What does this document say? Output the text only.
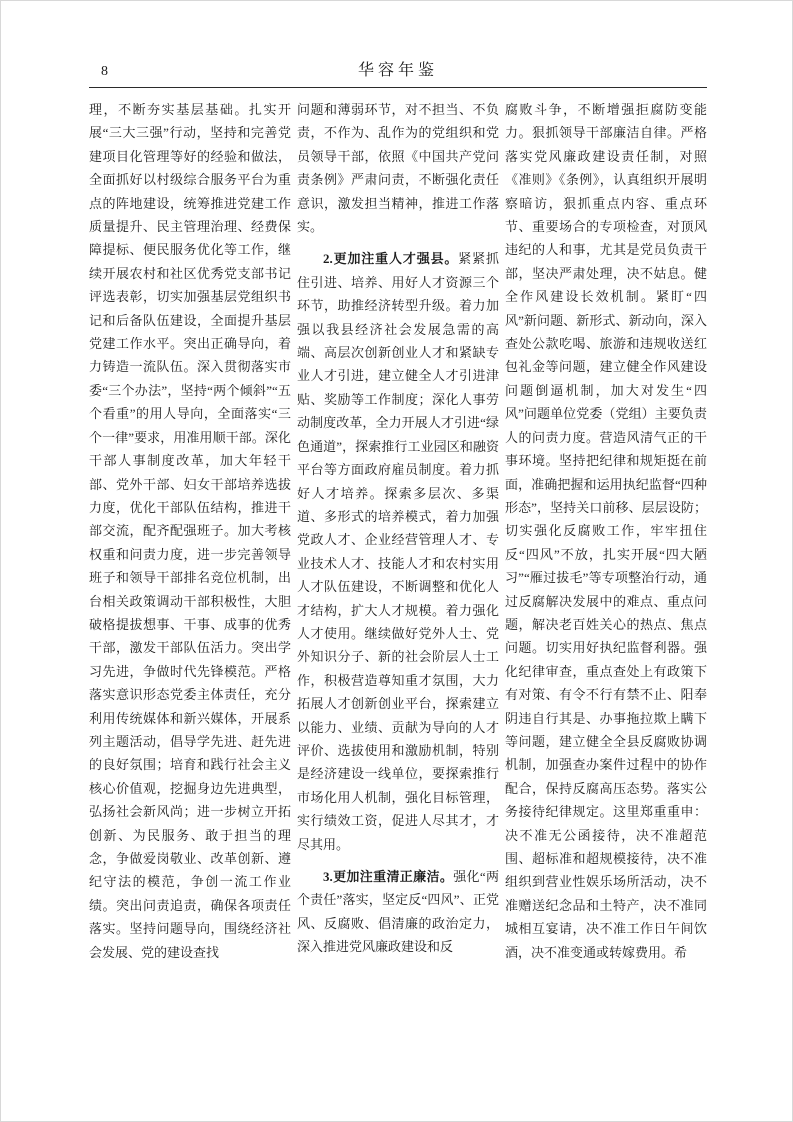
8	华容年鉴

理，不断夯实基层基础。扎实开展“三大三强”行动，坚持和完善党建项目化管理等好的经验和做法，全面抓好以村级综合服务平台为重点的阵地建设，统筹推进党建工作质量提升、民主管理治理、经费保障提标、便民服务优化等工作，继续开展农村和社区优秀党支部书记评选表彰，切实加强基层党组织书记和后备队伍建设，全面提升基层党建工作水平。突出正确导向，着力铸造一流队伍。深入贯彻落实市委“三个办法”，坚持“两个倾斜”“五个看重”的用人导向，全面落实“三个一律”要求，用准用顺干部。深化干部人事制度改革，加大年轻干部、党外干部、妇女干部培养选拔力度，优化干部队伍结构，推进干部交流，配齐配强班子。加大考核权重和问责力度，进一步完善领导班子和领导干部排名竞位机制，出台相关政策调动干部积极性，大胆破格提拔想事、干事、成事的优秀干部，激发干部队伍活力。突出学习先进，争做时代先锋模范。严格落实意识形态党委主体责任，充分利用传统媒体和新兴媒体，开展系列主题活动，倡导学先进、赶先进的良好氛围；培育和践行社会主义核心价值观，挖掘身边先进典型，弘扬社会新风尚；进一步树立开拓创新、为民服务、敢于担当的理念，争做爱岗敬业、改革创新、遵纪守法的模范，争创一流工作业绩。突出问责追责，确保各项责任落实。坚持问题导向，围绕经济社会发展、党的建设查找

问题和薄弱环节，对不担当、不负责，不作为、乱作为的党组织和党员领导干部，依照《中国共产党问责条例》严肃问责，不断强化责任意识，激发担当精神，推进工作落实。

2.更加注重人才强县。紧紧抓住引进、培养、用好人才资源三个环节，助推经济转型升级。着力加强以我县经济社会发展急需的高端、高层次创新创业人才和紧缺专业人才引进，建立健全人才引进津贴、奖励等工作制度；深化人事劳动制度改革，全力开展人才引进“绿色通道”，探索推行工业园区和融资平台等方面政府雇员制度。着力抓好人才培养。探索多层次、多渠道、多形式的培养模式，着力加强党政人才、企业经营管理人才、专业技术人才、技能人才和农村实用人才队伍建设，不断调整和优化人才结构，扩大人才规模。着力强化人才使用。继续做好党外人士、党外知识分子、新的社会阶层人士工作，积极营造尊知重才氛围，大力拓展人才创新创业平台，探索建立以能力、业绩、贡献为导向的人才评价、选拔使用和激励机制，特别是经济建设一线单位，要探索推行市场化用人机制，强化目标管理，实行绩效工资，促进人尽其才，才尽其用。

3.更加注重清正廉洁。强化“两个责任”落实，坚定反“四风”、正党风、反腐败、倡清廉的政治定力，深入推进党风廉政建设和反

腐败斗争，不断增强拒腐防变能力。狠抓领导干部廉洁自律。严格落实党风廉政建设责任制，对照《准则》《条例》，认真组织开展明察暗访，狠抓重点内容、重点环节、重要场合的专项检查，对顶风违纪的人和事，尤其是党员负责干部，坚决严肃处理，决不姑息。健全作风建设长效机制。紧盯“四风”新问题、新形式、新动向，深入查处公款吃喝、旅游和违规收送红包礼金等问题，建立健全作风建设问题倒逼机制，加大对发生“四风”问题单位党委（党组）主要负责人的问责力度。营造风清气正的干事环境。坚持把纪律和规矩挺在前面，准确把握和运用执纪监督“四种形态”，坚持关口前移、层层设防；切实强化反腐败工作，牢牢扭住反“四风”不放，扎实开展“四大陋习”“雁过拔毛”等专项整治行动，通过反腐解决发展中的难点、重点问题，解决老百姓关心的热点、焦点问题。切实用好执纪监督利器。强化纪律审查，重点查处上有政策下有对策、有令不行有禁不止、阳奉阴违自行其是、办事拖拉欺上瞒下等问题，建立健全全县反腐败协调机制，加强查办案件过程中的协作配合，保持反腐高压态势。落实公务接待纪律规定。这里郑重重申：决不准无公函接待，决不准超范围、超标准和超规模接待，决不准组织到营业性娱乐场所活动，决不准赠送纪念品和土特产，决不准同城相互宴请，决不准工作日午间饮酒，决不准变通或转嫁费用。希
